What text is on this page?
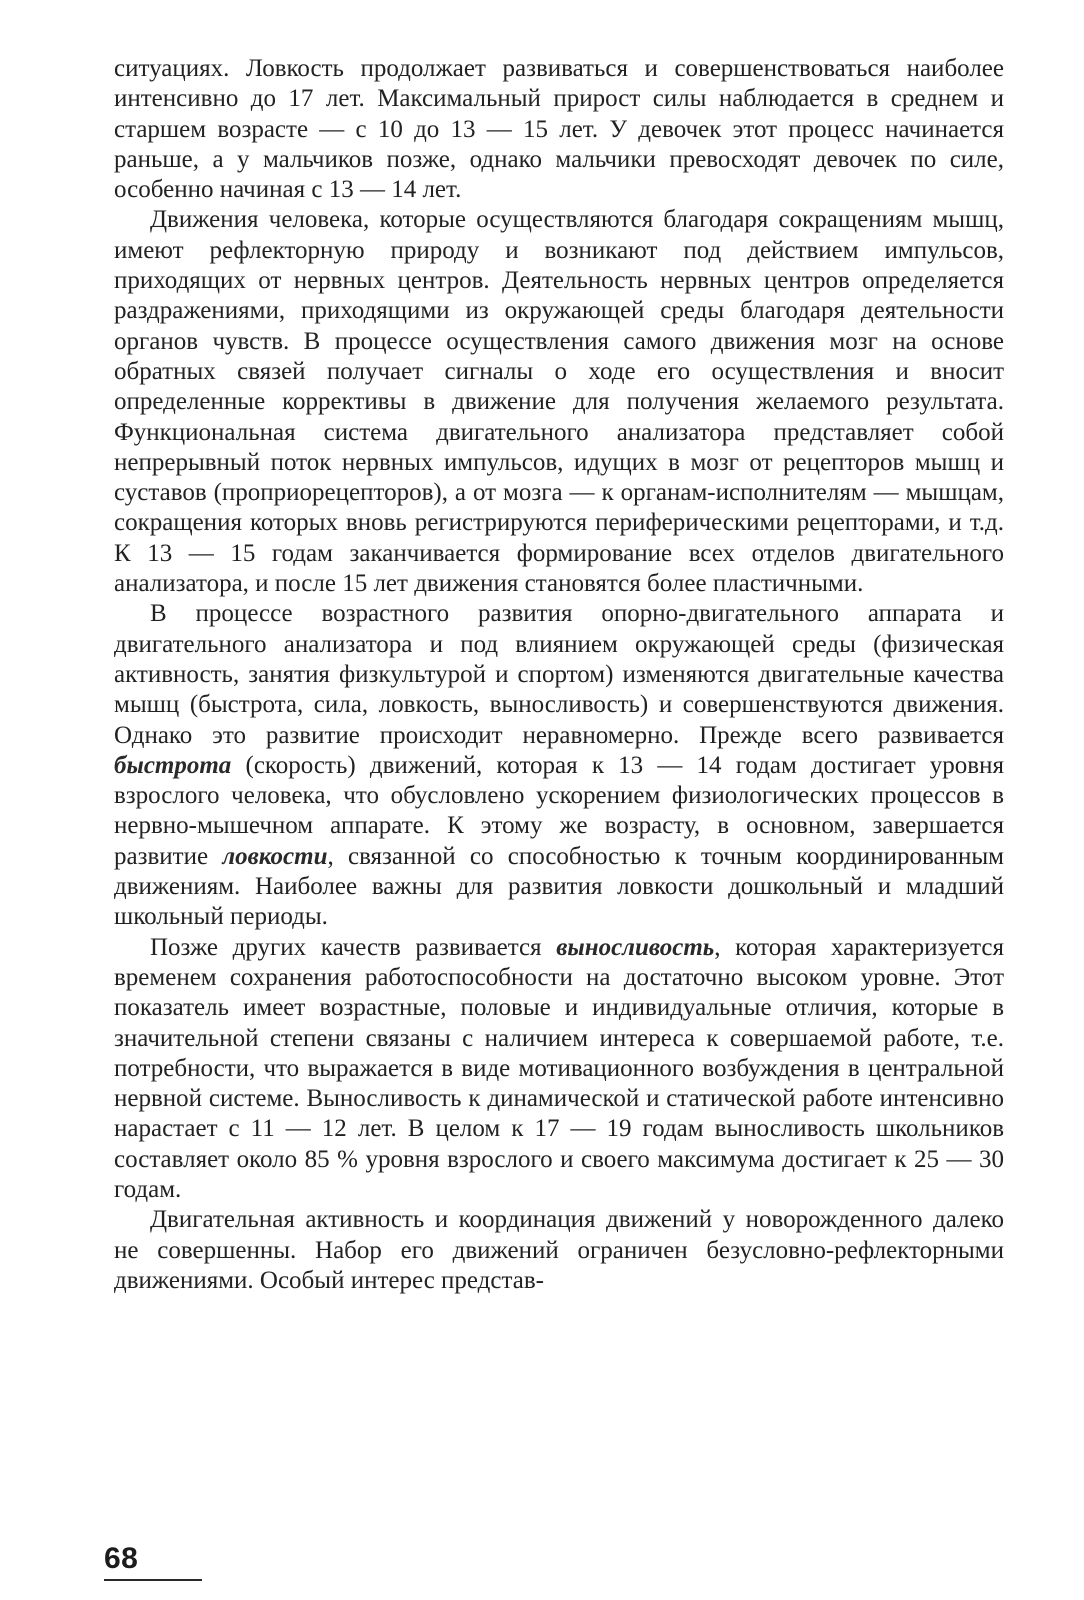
ситуациях. Ловкость продолжает развиваться и совершенствоваться наиболее интенсивно до 17 лет. Максимальный прирост силы наблюдается в среднем и старшем возрасте — с 10 до 13 — 15 лет. У девочек этот процесс начинается раньше, а у мальчиков позже, однако мальчики превосходят девочек по силе, особенно начиная с 13 — 14 лет.

Движения человека, которые осуществляются благодаря сокращениям мышц, имеют рефлекторную природу и возникают под действием импульсов, приходящих от нервных центров. Деятельность нервных центров определяется раздражениями, приходящими из окружающей среды благодаря деятельности органов чувств. В процессе осуществления самого движения мозг на основе обратных связей получает сигналы о ходе его осуществления и вносит определенные коррективы в движение для получения желаемого результата. Функциональная система двигательного анализатора представляет собой непрерывный поток нервных импульсов, идущих в мозг от рецепторов мышц и суставов (проприорецепторов), а от мозга — к органам-исполнителям — мышцам, сокращения которых вновь регистрируются периферическими рецепторами, и т.д. К 13 — 15 годам заканчивается формирование всех отделов двигательного анализатора, и после 15 лет движения становятся более пластичными.

В процессе возрастного развития опорно-двигательного аппарата и двигательного анализатора и под влиянием окружающей среды (физическая активность, занятия физкультурой и спортом) изменяются двигательные качества мышц (быстрота, сила, ловкость, выносливость) и совершенствуются движения. Однако это развитие происходит неравномерно. Прежде всего развивается быстрота (скорость) движений, которая к 13 — 14 годам достигает уровня взрослого человека, что обусловлено ускорением физиологических процессов в нервно-мышечном аппарате. К этому же возрасту, в основном, завершается развитие ловкости, связанной со способностью к точным координированным движениям. Наиболее важны для развития ловкости дошкольный и младший школьный периоды.

Позже других качеств развивается выносливость, которая характеризуется временем сохранения работоспособности на достаточно высоком уровне. Этот показатель имеет возрастные, половые и индивидуальные отличия, которые в значительной степени связаны с наличием интереса к совершаемой работе, т.е. потребности, что выражается в виде мотивационного возбуждения в центральной нервной системе. Выносливость к динамической и статической работе интенсивно нарастает с 11 — 12 лет. В целом к 17 — 19 годам выносливость школьников составляет около 85 % уровня взрослого и своего максимума достигает к 25 — 30 годам.

Двигательная активность и координация движений у новорожденного далеко не совершенны. Набор его движений ограничен безусловно-рефлекторными движениями. Особый интерес представ-

68
